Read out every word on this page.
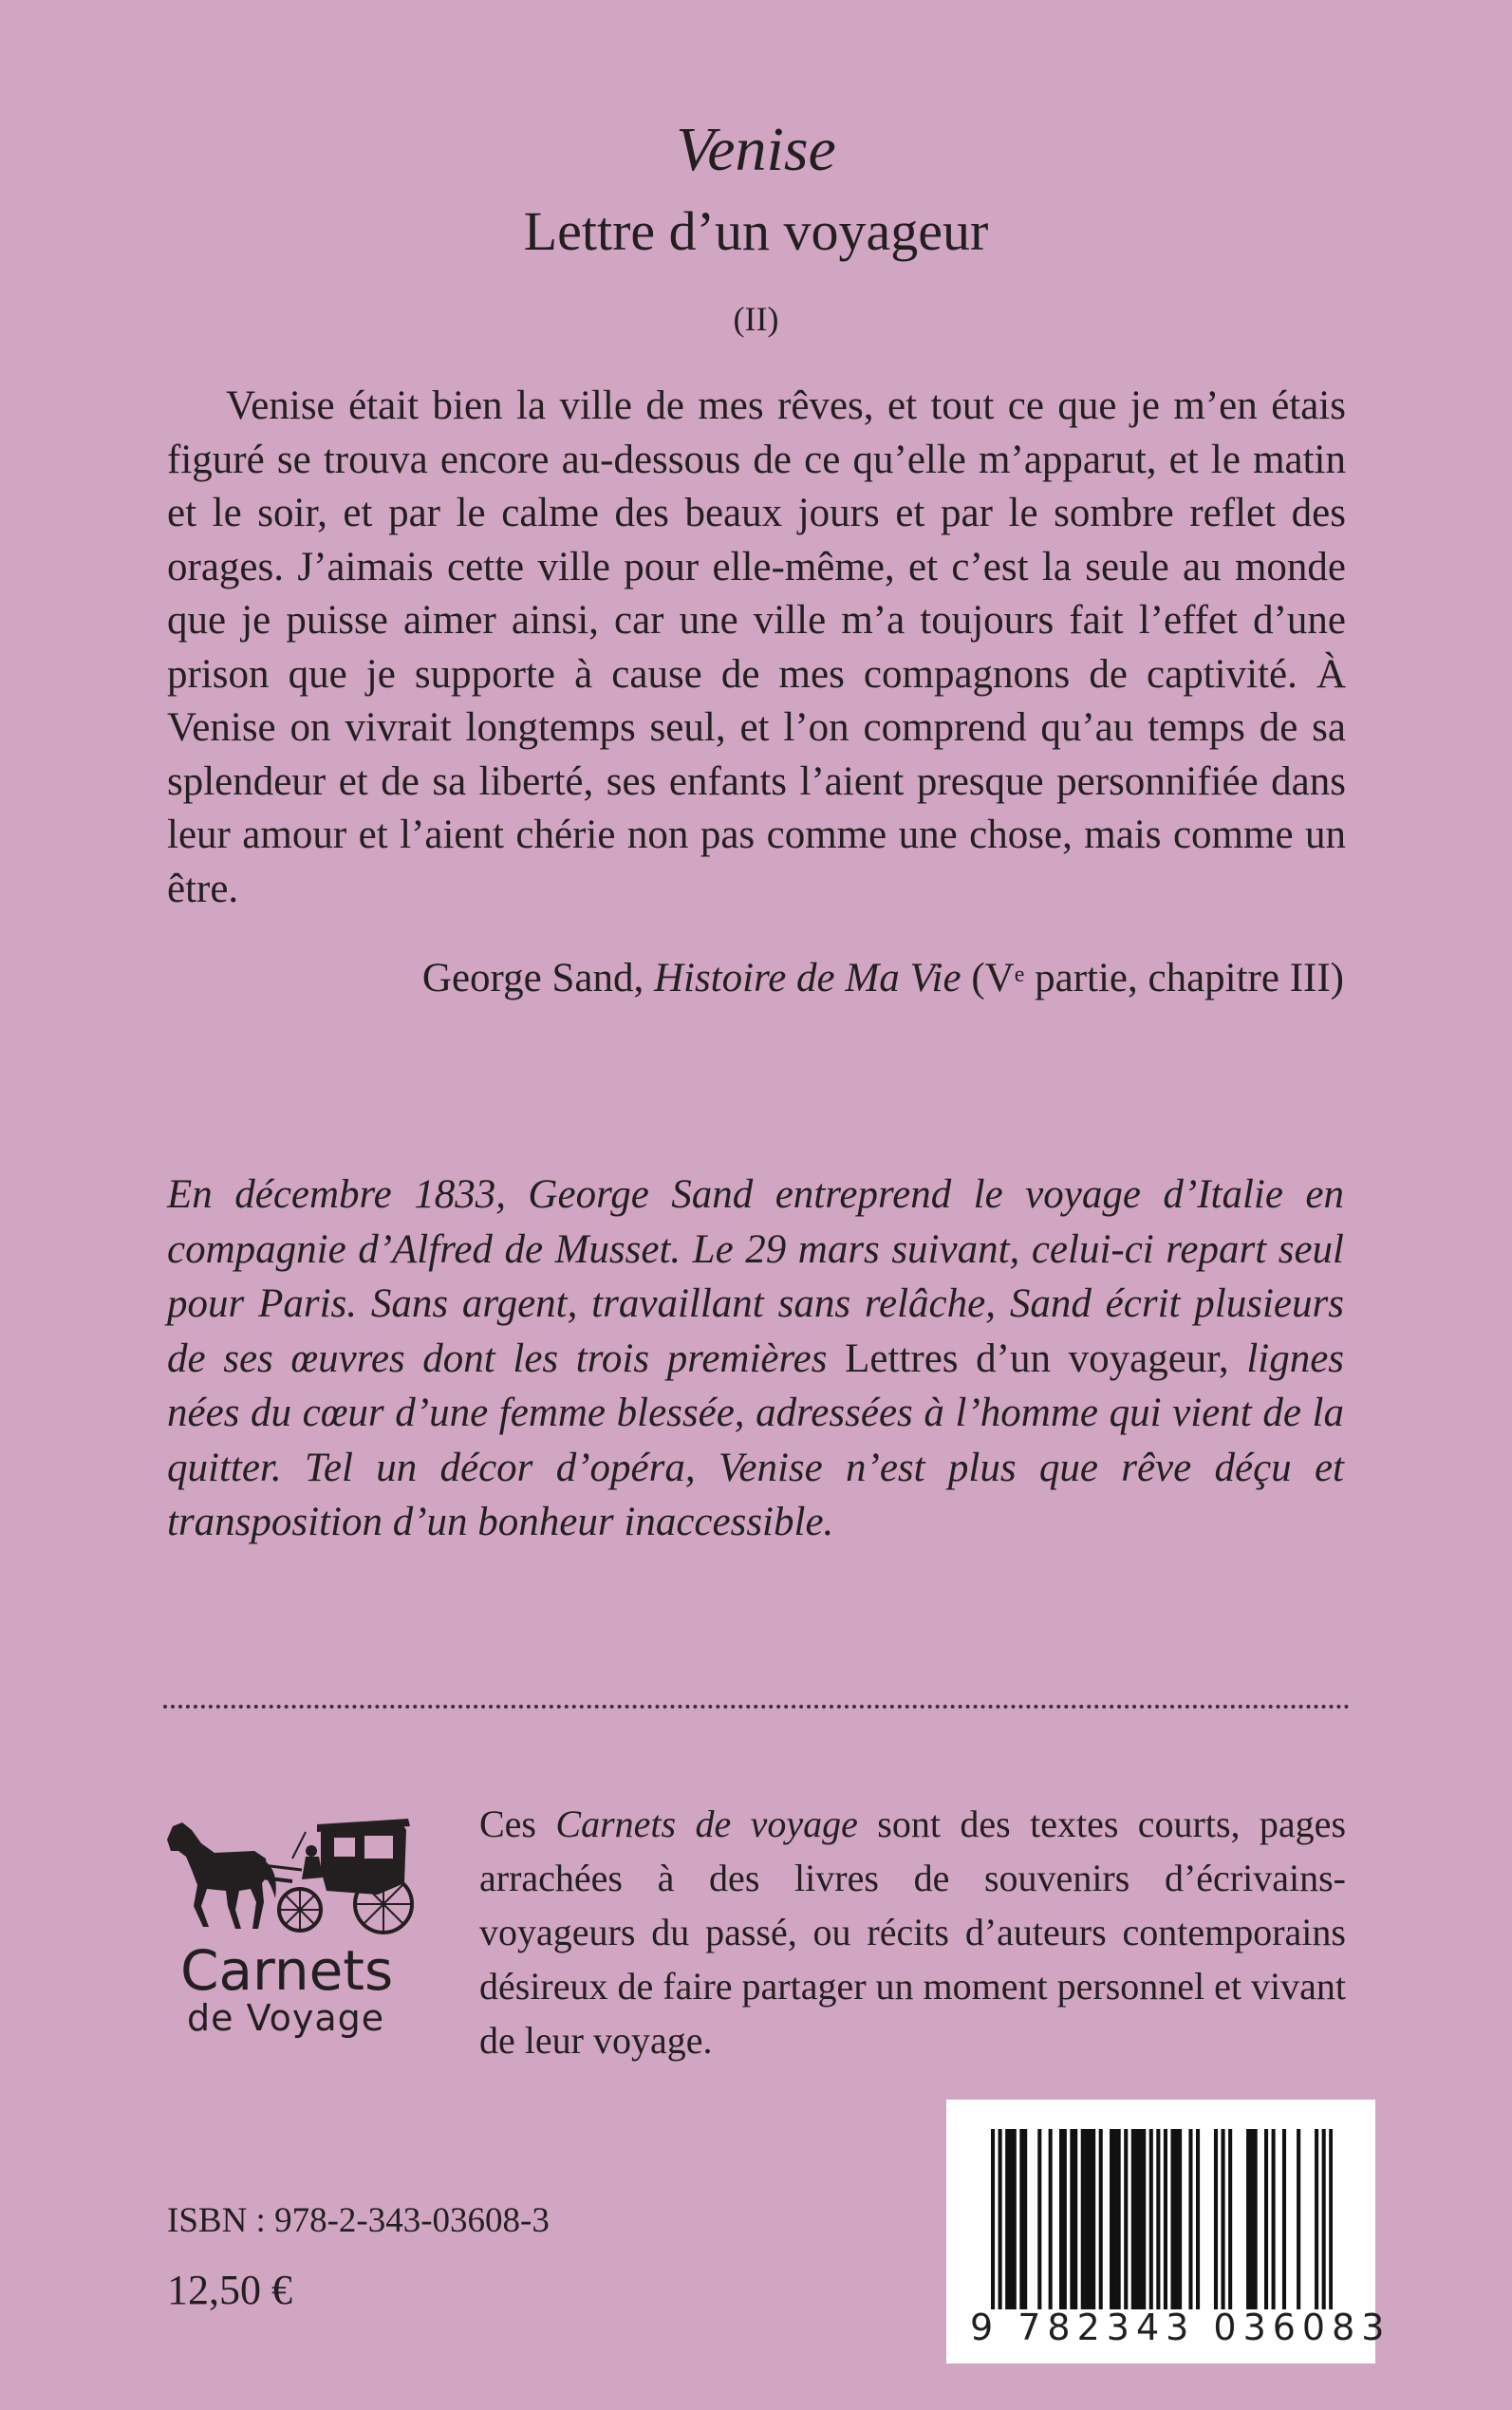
Venise
Lettre d’un voyageur
(II)

Venise était bien la ville de mes rêves, et tout ce que je m’en étais figuré se trouva encore au-dessous de ce qu’elle m’apparut, et le matin et le soir, et par le calme des beaux jours et par le sombre reflet des orages. J’aimais cette ville pour elle-même, et c’est la seule au monde que je puisse aimer ainsi, car une ville m’a toujours fait l’effet d’une prison que je supporte à cause de mes compagnons de captivité. À Venise on vivrait longtemps seul, et l’on comprend qu’au temps de sa splendeur et de sa liberté, ses enfants l’aient presque personnifiée dans leur amour et l’aient chérie non pas comme une chose, mais comme un être.

George Sand, Histoire de Ma Vie (Ve partie, chapitre III)

En décembre 1833, George Sand entreprend le voyage d’Italie en compagnie d’Alfred de Musset. Le 29 mars suivant, celui-ci repart seul pour Paris. Sans argent, travaillant sans relâche, Sand écrit plusieurs de ses œuvres dont les trois premières Lettres d’un voyageur, lignes nées du cœur d’une femme blessée, adressées à l’homme qui vient de la quitter. Tel un décor d’opéra, Venise n’est plus que rêve déçu et transposition d’un bonheur inaccessible.

Carnets
de Voyage

Ces Carnets de voyage sont des textes courts, pages arrachées à des livres de souvenirs d’écrivains-voyageurs du passé, ou récits d’auteurs contemporains désireux de faire partager un moment personnel et vivant de leur voyage.

9 782343 036083
ISBN : 978-2-343-03608-3
12,50 €
